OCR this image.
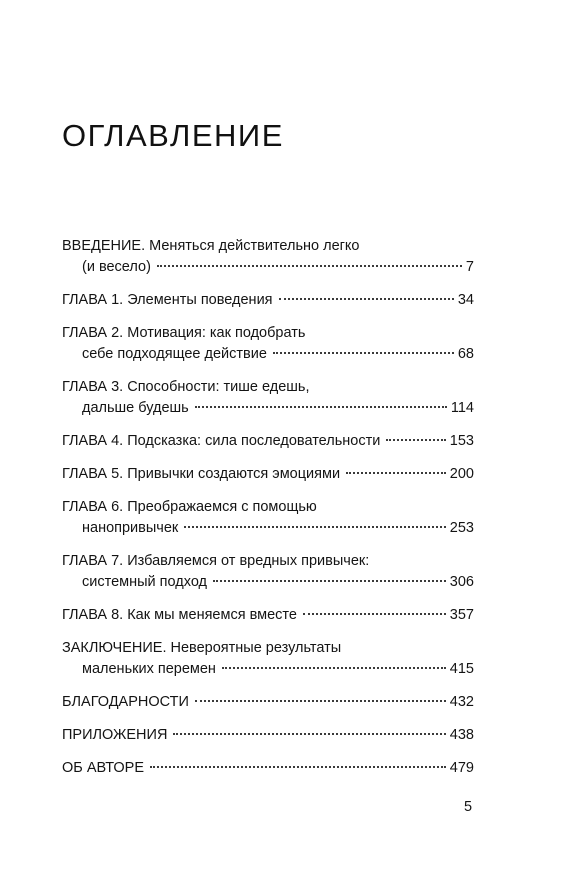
ОГЛАВЛЕНИЕ
ВВЕДЕНИЕ. Меняться действительно легко
(и весело)	7
ГЛАВА 1. Элементы поведения	34
ГЛАВА 2. Мотивация: как подобрать
себе подходящее действие	68
ГЛАВА 3. Способности: тише едешь,
дальше будешь	114
ГЛАВА 4. Подсказка: сила последовательности	153
ГЛАВА 5. Привычки создаются эмоциями	200
ГЛАВА 6. Преображаемся с помощью
нанопривычек	253
ГЛАВА 7. Избавляемся от вредных привычек:
системный подход	306
ГЛАВА 8. Как мы меняемся вместе	357
ЗАКЛЮЧЕНИЕ. Невероятные результаты
маленьких перемен	415
БЛАГОДАРНОСТИ	432
ПРИЛОЖЕНИЯ	438
ОБ АВТОРЕ	479
5
